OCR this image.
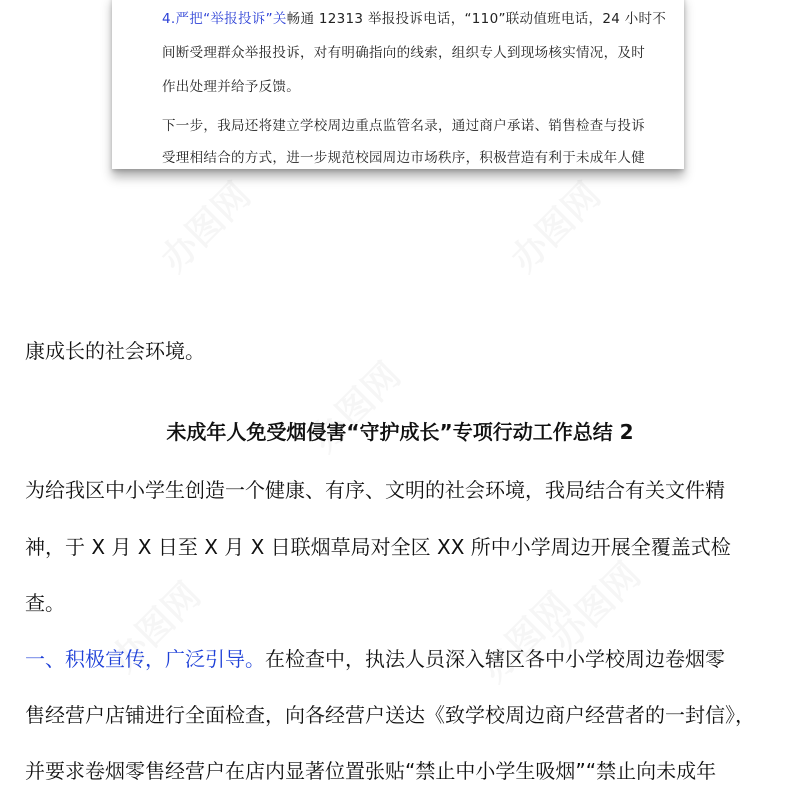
4.严把“举报投诉”关畅通 12313 举报投诉电话，“110”联动值班电话，24 小时不
间断受理群众举报投诉，对有明确指向的线索，组织专人到现场核实情况，及时
作出处理并给予反馈。
下一步，我局还将建立学校周边重点监管名录，通过商户承诺、销售检查与投诉
受理相结合的方式，进一步规范校园周边市场秩序，积极营造有利于未成年人健
康成长的社会环境。
未成年人免受烟侵害“守护成长”专项行动工作总结 2
为给我区中小学生创造一个健康、有序、文明的社会环境，我局结合有关文件精
神，于 X 月 X 日至 X 月 X 日联烟草局对全区 XX 所中小学周边开展全覆盖式检
查。
一、积极宣传，广泛引导。在检查中，执法人员深入辖区各中小学校周边卷烟零
售经营户店铺进行全面检查，向各经营户送达《致学校周边商户经营者的一封信》，
并要求卷烟零售经营户在店内显著位置张贴“禁止中小学生吸烟”“禁止向未成年
